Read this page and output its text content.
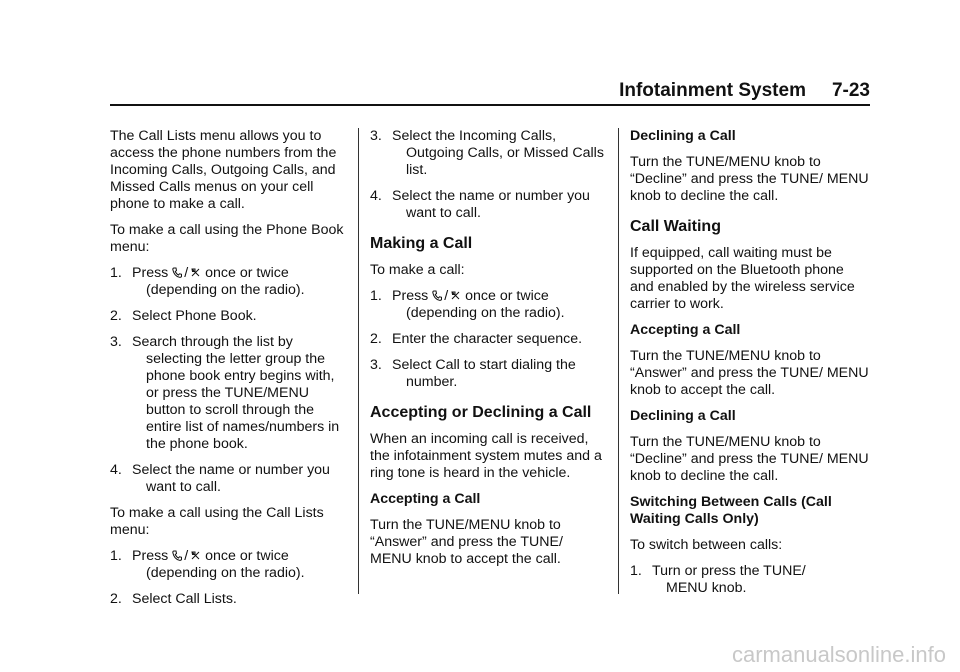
Infotainment System 7-23

The Call Lists menu allows you to access the phone numbers from the Incoming Calls, Outgoing Calls, and Missed Calls menus on your cell phone to make a call.

To make a call using the Phone Book menu:

1. Press / once or twice
(depending on the radio).
2. Select Phone Book.
3. Search through the list by
selecting the letter group the phone book entry begins with, or press the TUNE/MENU button to scroll through the entire list of names/numbers in the phone book.
4. Select the name or number you
want to call.

To make a call using the Call Lists menu:

1. Press / once or twice
(depending on the radio).
2. Select Call Lists.
3. Select the Incoming Calls,
Outgoing Calls, or Missed Calls list.
4. Select the name or number you
want to call.
Making a Call

To make a call:

1. Press / once or twice
(depending on the radio).
2. Enter the character sequence.
3. Select Call to start dialing the
number.
Accepting or Declining a Call

When an incoming call is received, the infotainment system mutes and a ring tone is heard in the vehicle.

Accepting a Call

Turn the TUNE/MENU knob to “Answer” and press the TUNE/ MENU knob to accept the call.

Declining a Call

Turn the TUNE/MENU knob to “Decline” and press the TUNE/ MENU knob to decline the call.

Call Waiting

If equipped, call waiting must be supported on the Bluetooth phone and enabled by the wireless service carrier to work.

Accepting a Call

Turn the TUNE/MENU knob to “Answer” and press the TUNE/ MENU knob to accept the call.

Declining a Call

Turn the TUNE/MENU knob to “Decline” and press the TUNE/ MENU knob to decline the call.

Switching Between Calls (Call Waiting Calls Only)

To switch between calls:

1. Turn or press the TUNE/
MENU knob.
carmanualsonline.info
